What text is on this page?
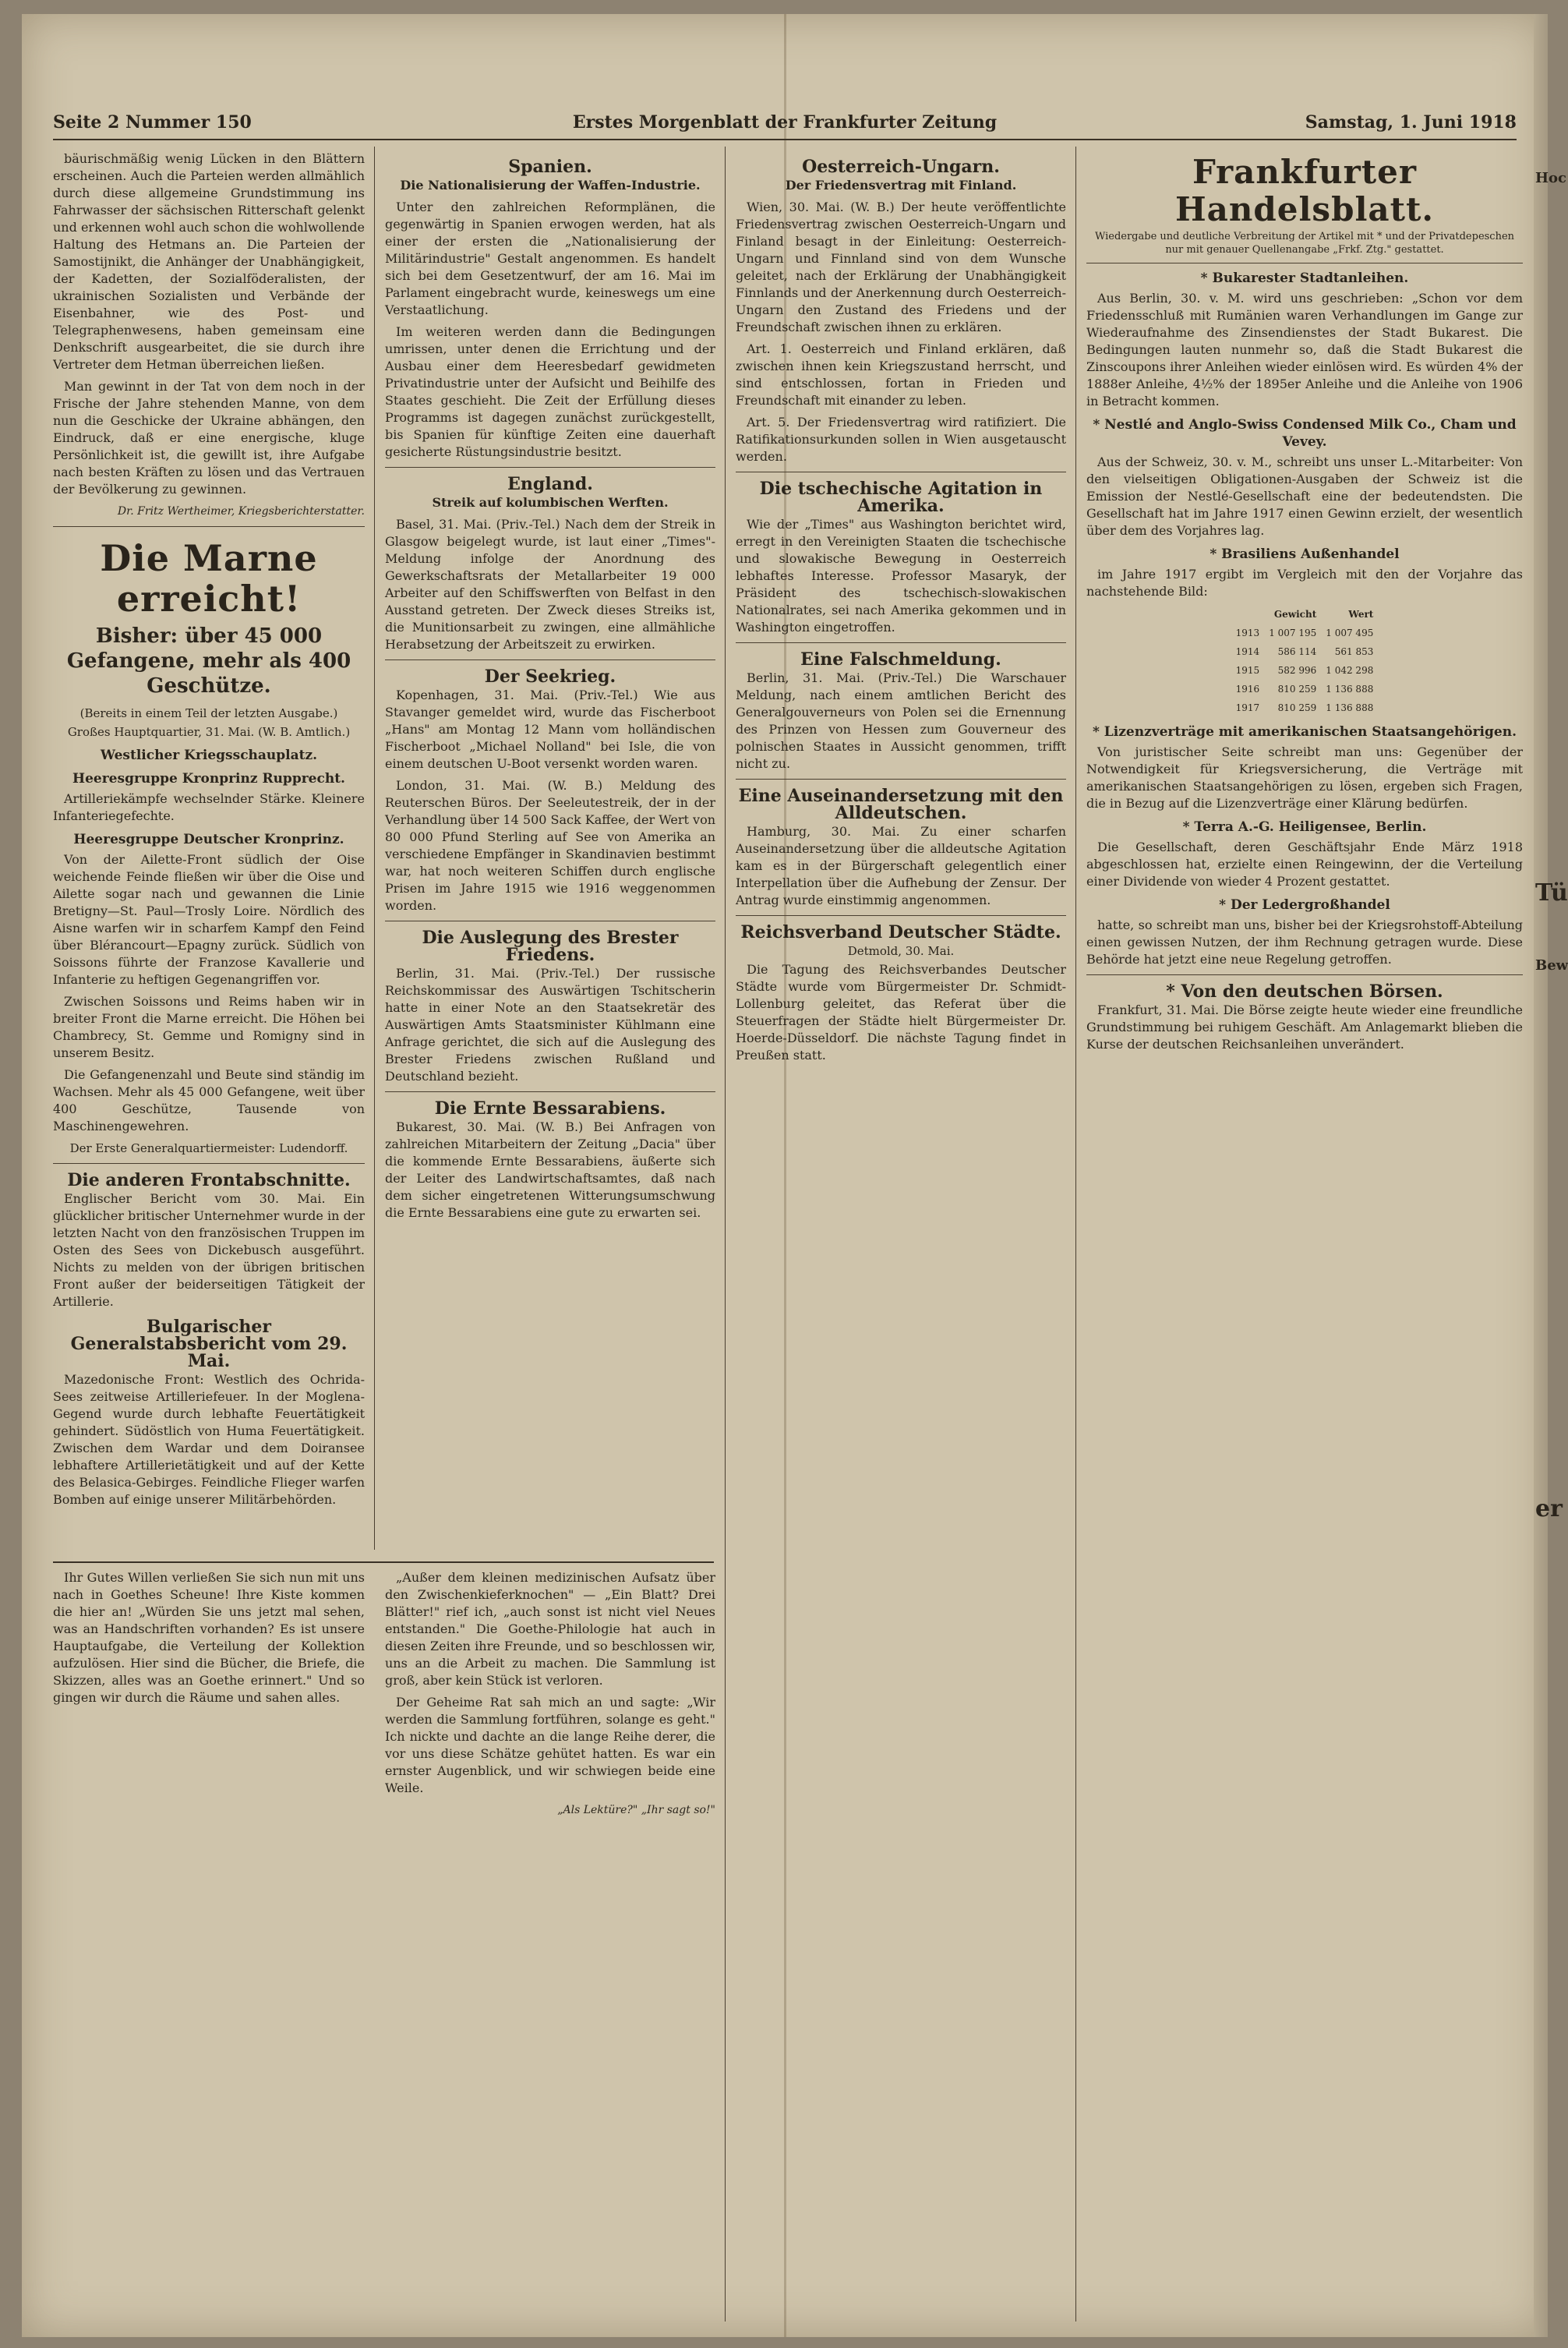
Seite 2 Nummer 150	Erstes Morgenblatt der Frankfurter Zeitung	Samstag, 1. Juni 1918

bäurischmäßig wenig Lücken in den Blättern erscheinen. Auch die Parteien werden allmählich durch diese allgemeine Grundstimmung ins Fahrwasser der sächsischen Ritterschaft gelenkt und erkennen wohl auch schon die wohlwollende Haltung des Hetmans an. Die Parteien der Samostijnikt, die Anhänger der Unabhängigkeit, der Kadetten, der Sozialföderalisten, der ukrainischen Sozialisten und Verbände der Eisenbahner, wie des Post- und Telegraphenwesens, haben gemeinsam eine Denkschrift ausgearbeitet, die sie durch ihre Vertreter dem Hetman überreichen ließen.

Man gewinnt in der Tat von dem noch in der Frische der Jahre stehenden Manne, von dem nun die Geschicke der Ukraine abhängen, den Eindruck, daß er eine energische, kluge Persönlichkeit ist, die gewillt ist, ihre Aufgabe nach besten Kräften zu lösen und das Vertrauen der Bevölkerung zu gewinnen.

Dr. Fritz Wertheimer, Kriegsberichterstatter.

Die Marne erreicht!
Bisher: über 45 000 Gefangene, mehr als 400 Geschütze.
(Bereits in einem Teil der letzten Ausgabe.)
Großes Hauptquartier, 31. Mai. (W. B. Amtlich.)
Westlicher Kriegsschauplatz.
Heeresgruppe Kronprinz Rupprecht.

Artilleriekämpfe wechselnder Stärke. Kleinere Infanteriegefechte.

Heeresgruppe Deutscher Kronprinz.

Von der Ailette-Front südlich der Oise weichende Feinde fließen wir über die Oise und Ailette sogar nach und gewannen die Linie Bretigny—St. Paul—Trosly Loire. Nördlich des Aisne warfen wir in scharfem Kampf den Feind über Blérancourt—Epagny zurück. Südlich von Soissons führte der Franzose Kavallerie und Infanterie zu heftigen Gegenangriffen vor.

Zwischen Soissons und Reims haben wir in breiter Front die Marne erreicht. Die Höhen bei Chambrecy, St. Gemme und Romigny sind in unserem Besitz.

Die Gefangenenzahl und Beute sind ständig im Wachsen. Mehr als 45 000 Gefangene, weit über 400 Geschütze, Tausende von Maschinengewehren.

Der Erste Generalquartiermeister: Ludendorff.
Die anderen Frontabschnitte.

Englischer Bericht vom 30. Mai. Ein glücklicher britischer Unternehmer wurde in der letzten Nacht von den französischen Truppen im Osten des Sees von Dickebusch ausgeführt. Nichts zu melden von der übrigen britischen Front außer der beiderseitigen Tätigkeit der Artillerie.

Bulgarischer Generalstabsbericht vom 29. Mai.

Mazedonische Front: Westlich des Ochrida-Sees zeitweise Artilleriefeuer. In der Moglena-Gegend wurde durch lebhafte Feuertätigkeit gehindert. Südöstlich von Huma Feuertätigkeit. Zwischen dem Wardar und dem Doiransee lebhaftere Artillerietätigkeit und auf der Kette des Belasica-Gebirges. Feindliche Flieger warfen Bomben auf einige unserer Militärbehörden.

Spanien.
Die Nationalisierung der Waffen-Industrie.

Unter den zahlreichen Reformplänen, die gegenwärtig in Spanien erwogen werden, hat als einer der ersten die „Nationalisierung der Militärindustrie" Gestalt angenommen. Es handelt sich bei dem Gesetzentwurf, der am 16. Mai im Parlament eingebracht wurde, keineswegs um eine Verstaatlichung.

Im weiteren werden dann die Bedingungen umrissen, unter denen die Errichtung und der Ausbau einer dem Heeresbedarf gewidmeten Privatindustrie unter der Aufsicht und Beihilfe des Staates geschieht. Die Zeit der Erfüllung dieses Programms ist dagegen zunächst zurückgestellt, bis Spanien für künftige Zeiten eine dauerhaft gesicherte Rüstungsindustrie besitzt.

England.
Streik auf kolumbischen Werften.

Basel, 31. Mai. (Priv.-Tel.) Nach dem der Streik in Glasgow beigelegt wurde, ist laut einer „Times"-Meldung infolge der Anordnung des Gewerkschaftsrats der Metallarbeiter 19 000 Arbeiter auf den Schiffswerften von Belfast in den Ausstand getreten. Der Zweck dieses Streiks ist, die Munitionsarbeit zu zwingen, eine allmähliche Herabsetzung der Arbeitszeit zu erwirken.

Der Seekrieg.

Kopenhagen, 31. Mai. (Priv.-Tel.) Wie aus Stavanger gemeldet wird, wurde das Fischerboot „Hans" am Montag 12 Mann vom holländischen Fischerboot „Michael Nolland" bei Isle, die von einem deutschen U-Boot versenkt worden waren.

London, 31. Mai. (W. B.) Meldung des Reuterschen Büros. Der Seeleutestreik, der in der Verhandlung über 14 500 Sack Kaffee, der Wert von 80 000 Pfund Sterling auf See von Amerika an verschiedene Empfänger in Skandinavien bestimmt war, hat noch weiteren Schiffen durch englische Prisen im Jahre 1915 wie 1916 weggenommen worden.

Die Auslegung des Brester Friedens.

Berlin, 31. Mai. (Priv.-Tel.) Der russische Reichskommissar des Auswärtigen Tschitscherin hatte in einer Note an den Staatsekretär des Auswärtigen Amts Staatsminister Kühlmann eine Anfrage gerichtet, die sich auf die Auslegung des Brester Friedens zwischen Rußland und Deutschland bezieht.

Die Ernte Bessarabiens.

Bukarest, 30. Mai. (W. B.) Bei Anfragen von zahlreichen Mitarbeitern der Zeitung „Dacia" über die kommende Ernte Bessarabiens, äußerte sich der Leiter des Landwirtschaftsamtes, daß nach dem sicher eingetretenen Witterungsumschwung die Ernte Bessarabiens eine gute zu erwarten sei.

Oesterreich-Ungarn.
Der Friedensvertrag mit Finland.

Wien, 30. Mai. (W. B.) Der heute veröffentlichte Friedensvertrag zwischen Oesterreich-Ungarn und Finland besagt in der Einleitung: Oesterreich-Ungarn und Finnland sind von dem Wunsche geleitet, nach der Erklärung der Unabhängigkeit Finnlands und der Anerkennung durch Oesterreich-Ungarn den Zustand des Friedens und der Freundschaft zwischen ihnen zu erklären.

Art. 1. Oesterreich und Finland erklären, daß zwischen ihnen kein Kriegszustand herrscht, und sind entschlossen, fortan in Frieden und Freundschaft mit einander zu leben.

Art. 5. Der Friedensvertrag wird ratifiziert. Die Ratifikationsurkunden sollen in Wien ausgetauscht werden.

Die tschechische Agitation in Amerika.

Wie der „Times" aus Washington berichtet wird, erregt in den Vereinigten Staaten die tschechische und slowakische Bewegung in Oesterreich lebhaftes Interesse. Professor Masaryk, der Präsident des tschechisch-slowakischen Nationalrates, sei nach Amerika gekommen und in Washington eingetroffen.

Eine Falschmeldung.

Berlin, 31. Mai. (Priv.-Tel.) Die Warschauer Meldung, nach einem amtlichen Bericht des Generalgouverneurs von Polen sei die Ernennung des Prinzen von Hessen zum Gouverneur des polnischen Staates in Aussicht genommen, trifft nicht zu.

Eine Auseinandersetzung mit den Alldeutschen.

Hamburg, 30. Mai. Zu einer scharfen Auseinandersetzung über die alldeutsche Agitation kam es in der Bürgerschaft gelegentlich einer Interpellation über die Aufhebung der Zensur. Der Antrag wurde einstimmig angenommen.

Reichsverband Deutscher Städte.
Detmold, 30. Mai.

Die Tagung des Reichsverbandes Deutscher Städte wurde vom Bürgermeister Dr. Schmidt-Lollenburg geleitet, das Referat über die Steuerfragen der Städte hielt Bürgermeister Dr. Hoerde-Düsseldorf. Die nächste Tagung findet in Preußen statt.

Frankfurter Handelsblatt.
Wiedergabe und deutliche Verbreitung der Artikel mit * und der Privatdepeschen nur mit genauer Quellenangabe „Frkf. Ztg." gestattet.
* Bukarester Stadtanleihen.

Aus Berlin, 30. v. M. wird uns geschrieben: „Schon vor dem Friedensschluß mit Rumänien waren Verhandlungen im Gange zur Wiederaufnahme des Zinsendienstes der Stadt Bukarest. Die Bedingungen lauten nunmehr so, daß die Stadt Bukarest die Zinscoupons ihrer Anleihen wieder einlösen wird. Es würden 4% der 1888er Anleihe, 4½% der 1895er Anleihe und die Anleihe von 1906 in Betracht kommen.

* Nestlé and Anglo-Swiss Condensed Milk Co., Cham und Vevey.

Aus der Schweiz, 30. v. M., schreibt uns unser L.-Mitarbeiter: Von den vielseitigen Obligationen-Ausgaben der Schweiz ist die Emission der Nestlé-Gesellschaft eine der bedeutendsten. Die Gesellschaft hat im Jahre 1917 einen Gewinn erzielt, der wesentlich über dem des Vorjahres lag.

* Brasiliens Außenhandel

im Jahre 1917 ergibt im Vergleich mit den der Vorjahre das nachstehende Bild:

	Gewicht	Wert
1913	1 007 195	1 007 495
1914	586 114	561 853
1915	582 996	1 042 298
1916	810 259	1 136 888
1917	810 259	1 136 888
* Lizenzverträge mit amerikanischen Staatsangehörigen.

Von juristischer Seite schreibt man uns: Gegenüber der Notwendigkeit für Kriegsversicherung, die Verträge mit amerikanischen Staatsangehörigen zu lösen, ergeben sich Fragen, die in Bezug auf die Lizenzverträge einer Klärung bedürfen.

* Terra A.-G. Heiligensee, Berlin.

Die Gesellschaft, deren Geschäftsjahr Ende März 1918 abgeschlossen hat, erzielte einen Reingewinn, der die Verteilung einer Dividende von wieder 4 Prozent gestattet.

* Der Ledergroßhandel

hatte, so schreibt man uns, bisher bei der Kriegsrohstoff-Abteilung einen gewissen Nutzen, der ihm Rechnung getragen wurde. Diese Behörde hat jetzt eine neue Regelung getroffen.

* Von den deutschen Börsen.

Frankfurt, 31. Mai. Die Börse zeigte heute wieder eine freundliche Grundstimmung bei ruhigem Geschäft. Am Anlagemarkt blieben die Kurse der deutschen Reichsanleihen unverändert.

Ihr Gutes Willen verließen Sie sich nun mit uns nach in Goethes Scheune! Ihre Kiste kommen die hier an! „Würden Sie uns jetzt mal sehen, was an Handschriften vorhanden? Es ist unsere Hauptaufgabe, die Verteilung der Kollektion aufzulösen. Hier sind die Bücher, die Briefe, die Skizzen, alles was an Goethe erinnert." Und so gingen wir durch die Räume und sahen alles.

„Außer dem kleinen medizinischen Aufsatz über den Zwischenkieferknochen" — „Ein Blatt? Drei Blätter!" rief ich, „auch sonst ist nicht viel Neues entstanden." Die Goethe-Philologie hat auch in diesen Zeiten ihre Freunde, und so beschlossen wir, uns an die Arbeit zu machen. Die Sammlung ist groß, aber kein Stück ist verloren.

Der Geheime Rat sah mich an und sagte: „Wir werden die Sammlung fortführen, solange es geht." Ich nickte und dachte an die lange Reihe derer, die vor uns diese Schätze gehütet hatten. Es war ein ernster Augenblick, und wir schwiegen beide eine Weile.

„Als Lektüre?" „Ihr sagt so!"

Hoc
Tü
Bew
er
